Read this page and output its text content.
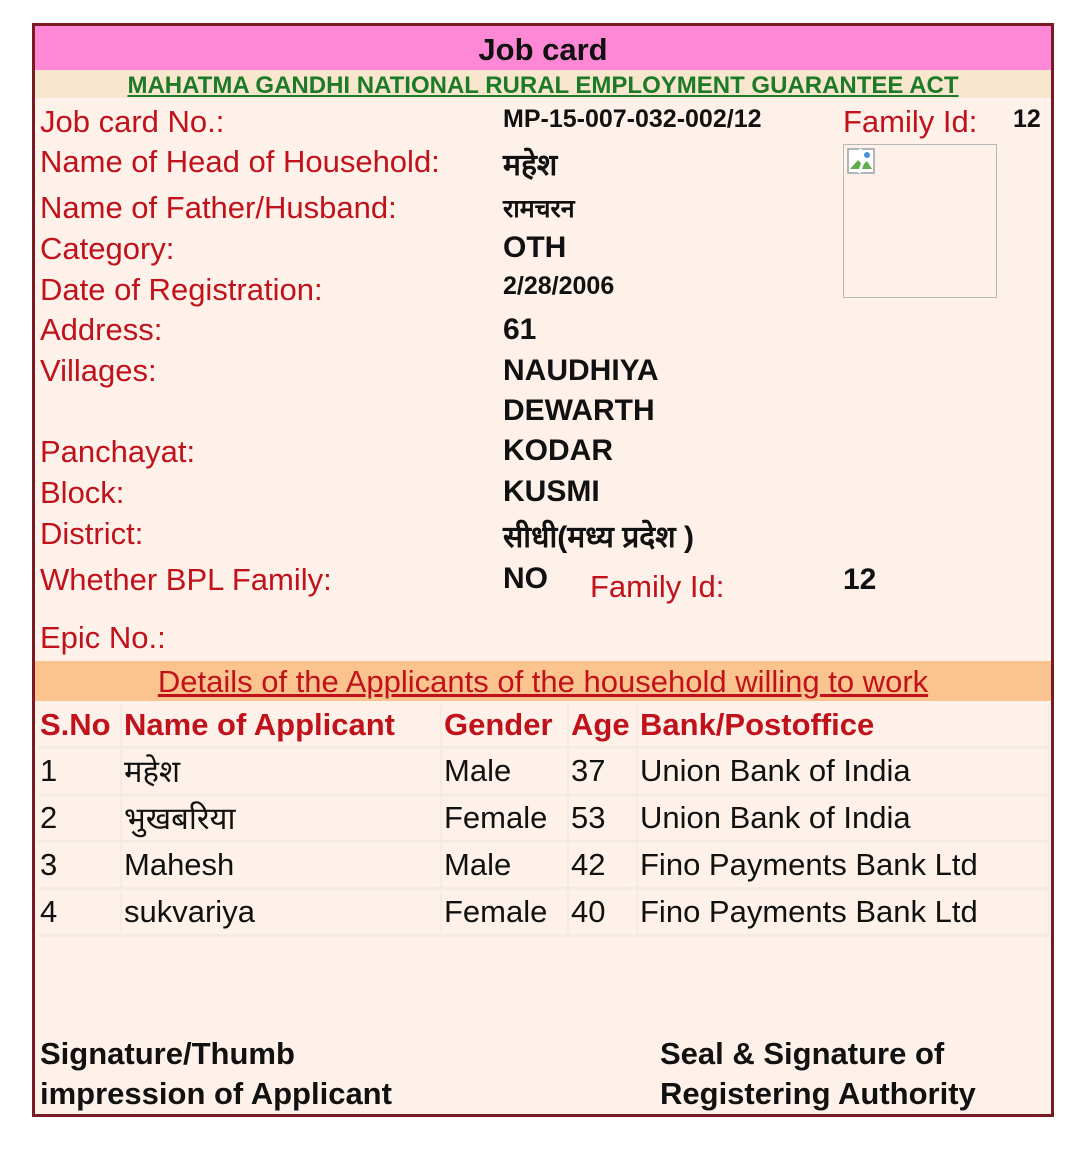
Job card
MAHATMA GANDHI NATIONAL RURAL EMPLOYMENT GUARANTEE ACT
Job card No.:	MP-15-007-032-002/12	Family Id: 12
Name of Head of Household: महेश
Name of Father/Husband:	रामचरन
Category:	OTH
Date of Registration:	2/28/2006
Address:	61
Villages:	NAUDHIYA
DEWARTH
Panchayat:	KODAR
Block:	KUSMI
District:	सीधी(मध्य प्रदेश )
Whether BPL Family:	NO Family Id:	12
Epic No.:
Details of the Applicants of the household willing to work
S.No	Name of Applicant	Gender	Age	Bank/Postoffice
1	महेश	Male	37	Union Bank of India
2	भुखबरिया	Female	53	Union Bank of India
3	Mahesh	Male	42	Fino Payments Bank Ltd
4	sukvariya	Female	40	Fino Payments Bank Ltd
Signature/Thumb
impression of Applicant
Seal & Signature of
Registering Authority
